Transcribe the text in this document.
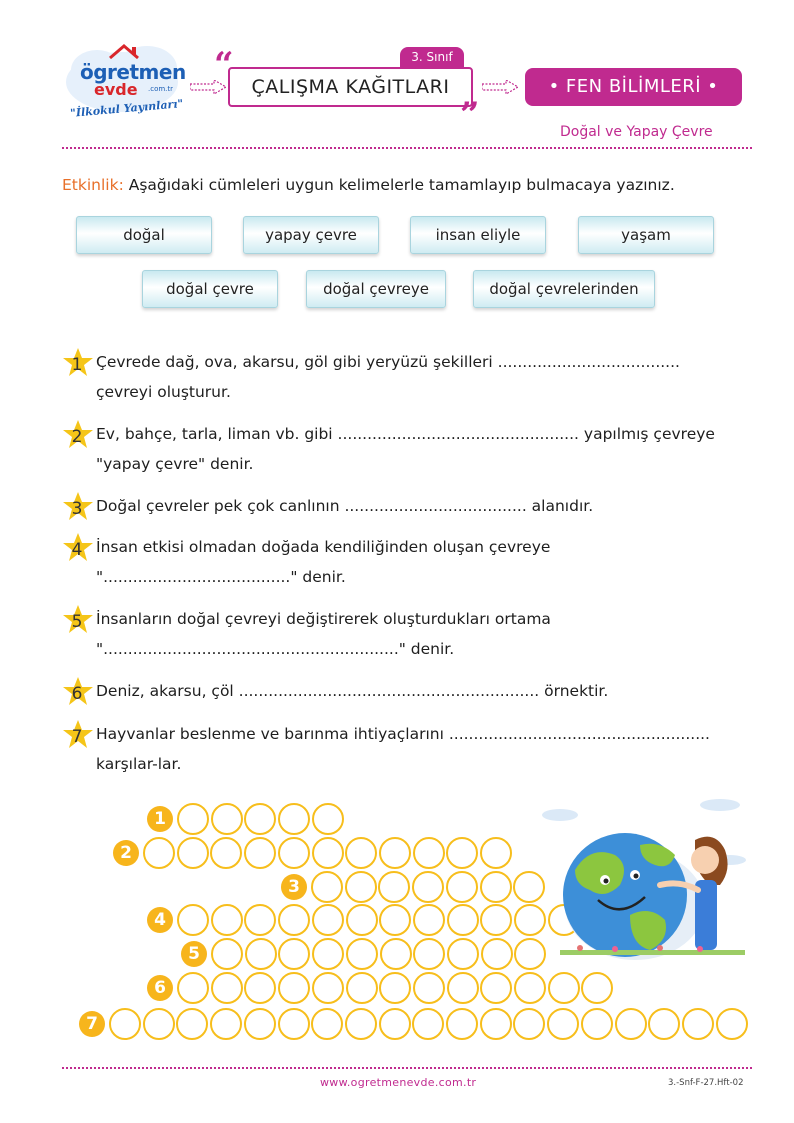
ögretmen
evde .com.tr
"İlkokul Yayınları"
3. Sınıf
“
ÇALIŞMA KAĞITLARI
”
• FEN BİLİMLERİ •
Doğal ve Yapay Çevre
Etkinlik: Aşağıdaki cümleleri uygun kelimelerle tamamlayıp bulmacaya yazınız.
doğal	yapay çevre	insan eliyle	yaşam
doğal çevre	doğal çevreye	doğal çevrelerinden
1 Çevrede dağ, ova, akarsu, göl gibi yeryüzü şekilleri ..................................... çevreyi oluşturur.
2 Ev, bahçe, tarla, liman vb. gibi ................................................. yapılmış çevreye "yapay çevre" denir.
3 Doğal çevreler pek çok canlının ..................................... alanıdır.
4 İnsan etkisi olmadan doğada kendiliğinden oluşan çevreye "......................................" denir.
5 İnsanların doğal çevreyi değiştirerek oluşturdukları ortama "............................................................" denir.
6 Deniz, akarsu, çöl ............................................................. örnektir.
7 Hayvanlar beslenme ve barınma ihtiyaçlarını ..................................................... karşılar-lar.
1
2
3
4
5
6
7
www.ogretmenevde.com.tr	3.-Snf-F-27.Hft-02
